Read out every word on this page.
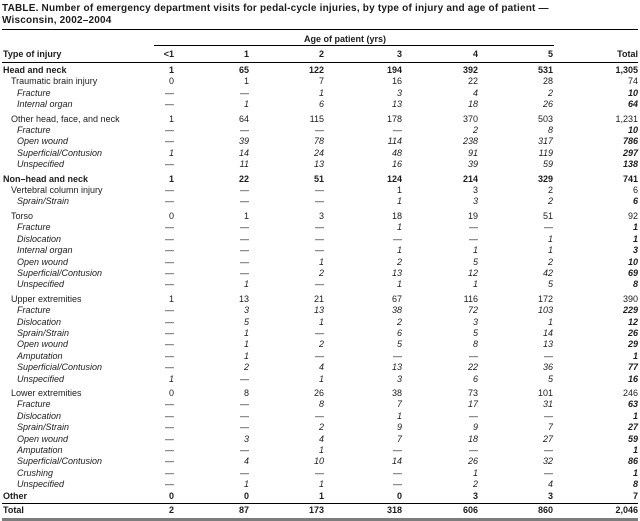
TABLE. Number of emergency department visits for pedal-cycle injuries, by type of injury and age of patient —
Wisconsin, 2002–2004
Age of patient (yrs)
Type of injury	<1	1	2	3	4	5	Total
Head and neck	1	65	122	194	392	531	1,305
Traumatic brain injury	0	1	7	16	22	28	74
Fracture	—	—	1	3	4	2	10
Internal organ	—	1	6	13	18	26	64
Other head, face, and neck	1	64	115	178	370	503	1,231
Fracture	—	—	—	—	2	8	10
Open wound	—	39	78	114	238	317	786
Superficial/Contusion	1	14	24	48	91	119	297
Unspecified	—	11	13	16	39	59	138
Non–head and neck	1	22	51	124	214	329	741
Vertebral column injury	—	—	—	1	3	2	6
Sprain/Strain	—	—	—	1	3	2	6
Torso	0	1	3	18	19	51	92
Fracture	—	—	—	1	—	—	1
Dislocation	—	—	—	—	—	1	1
Internal organ	—	—	—	1	1	1	3
Open wound	—	—	1	2	5	2	10
Superficial/Contusion	—	—	2	13	12	42	69
Unspecified	—	1	—	1	1	5	8
Upper extremities	1	13	21	67	116	172	390
Fracture	—	3	13	38	72	103	229
Dislocation	—	5	1	2	3	1	12
Sprain/Strain	—	1	—	6	5	14	26
Open wound	—	1	2	5	8	13	29
Amputation	—	1	—	—	—	—	1
Superficial/Contusion	—	2	4	13	22	36	77
Unspecified	1	—	1	3	6	5	16
Lower extremities	0	8	26	38	73	101	246
Fracture	—	—	8	7	17	31	63
Dislocation	—	—	—	1	—	—	1
Sprain/Strain	—	—	2	9	9	7	27
Open wound	—	3	4	7	18	27	59
Amputation	—	—	1	—	—	—	1
Superficial/Contusion	—	4	10	14	26	32	86
Crushing	—	—	—	—	1	—	1
Unspecified	—	1	1	—	2	4	8
Other	0	0	1	0	3	3	7
Total	2	87	173	318	606	860	2,046
